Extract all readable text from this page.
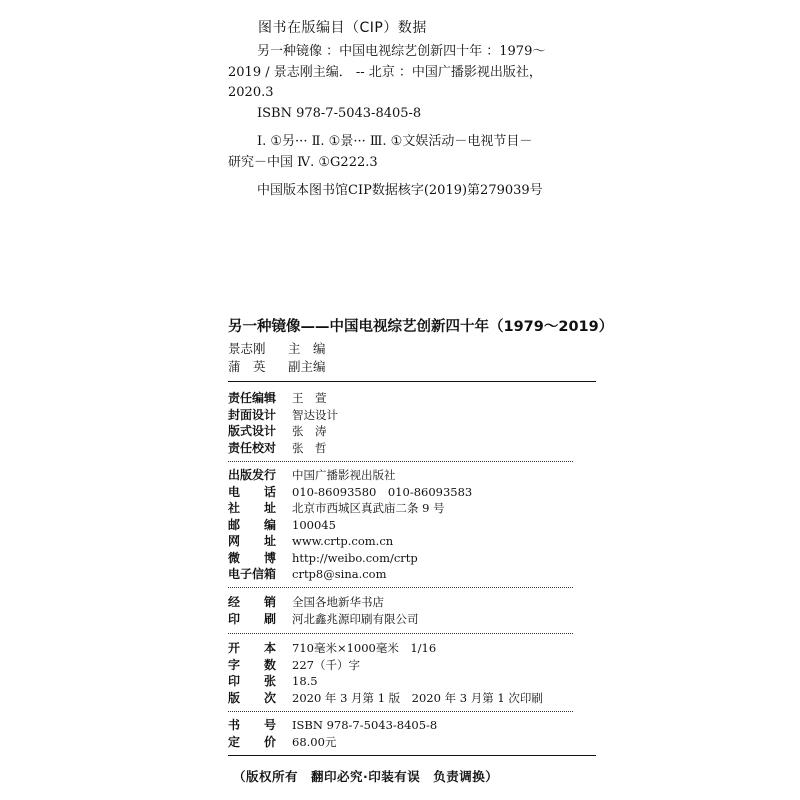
图书在版编目（CIP）数据
另一种镜像 ：中国电视综艺创新四十年 ：1979～
2019 / 景志刚主编． -- 北京 ：中国广播影视出版社，
2020.3
ISBN 978-7-5043-8405-8
Ⅰ. ①另··· Ⅱ. ①景··· Ⅲ. ①文娱活动－电视节目－
研究－中国 Ⅳ. ①G222.3
中国版本图书馆CIP数据核字(2019)第279039号
另一种镜像——中国电视综艺创新四十年（1979～2019）
景志刚 主　编
蒲　英 副主编
责任编辑 王　萱
封面设计 智达设计
版式设计 张　涛
责任校对 张　哲
出版发行 中国广播影视出版社
电　　话 010-86093580　010-86093583
社　　址 北京市西城区真武庙二条 9 号
邮　　编 100045
网　　址 www.crtp.com.cn
微　　博 http://weibo.com/crtp
电子信箱 crtp8@sina.com
经　　销 全国各地新华书店
印　　刷 河北鑫兆源印刷有限公司
开　　本 710毫米×1000毫米　1/16
字　　数 227（千）字
印　　张 18.5
版　　次 2020 年 3 月第 1 版　2020 年 3 月第 1 次印刷
书　　号 ISBN 978-7-5043-8405-8
定　　价 68.00元
（版权所有　翻印必究·印装有误　负责调换）
